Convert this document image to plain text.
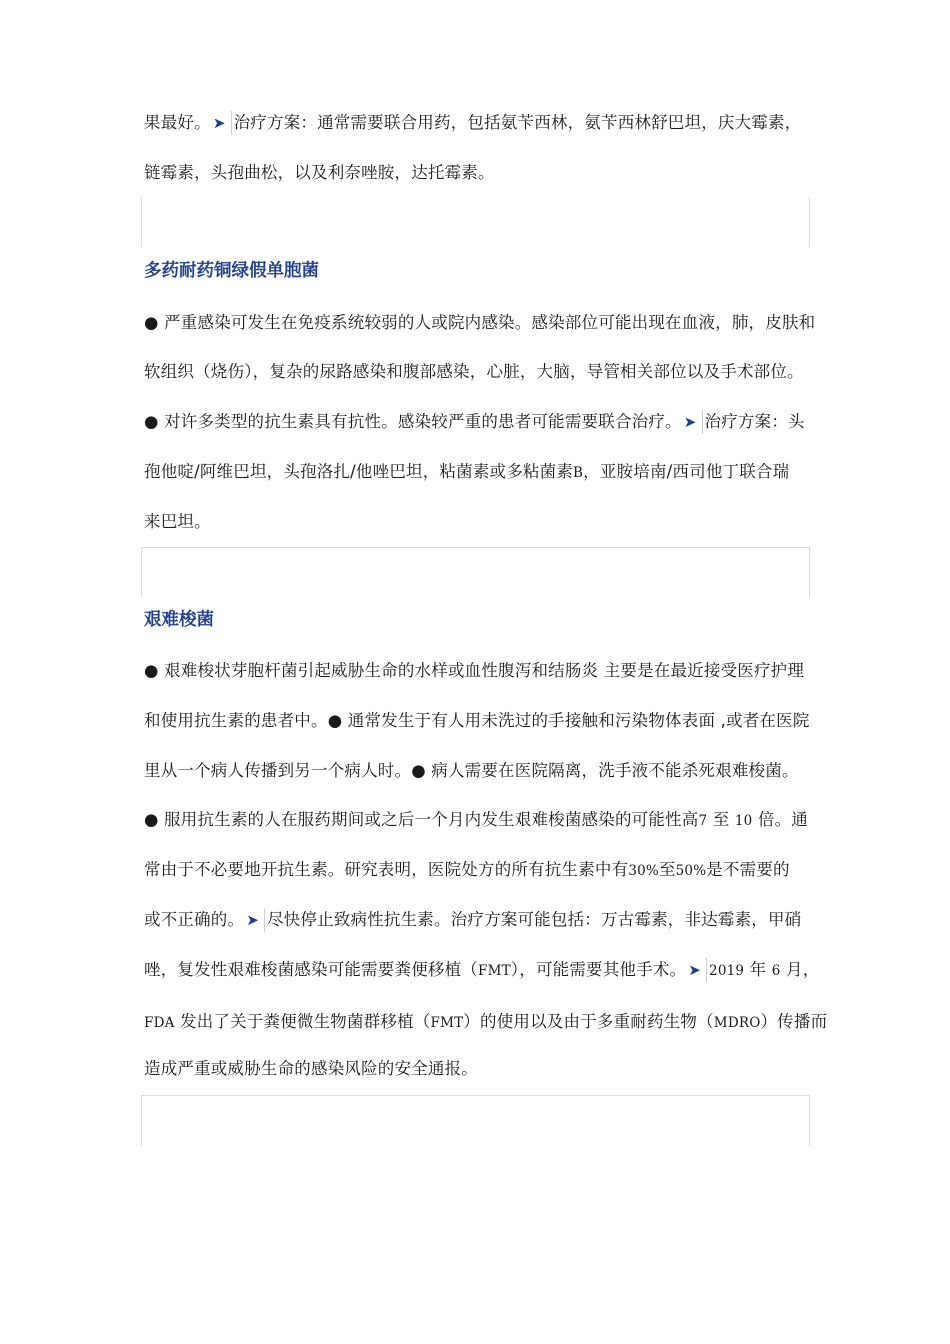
果最好。 ➤ 治疗方案：通常需要联合用药，包括氨苄西林，氨苄西林舒巴坦，庆大霉素，
链霉素，头孢曲松，以及利奈唑胺，达托霉素。
多药耐药铜绿假单胞菌
● 严重感染可发生在免疫系统较弱的人或院内感染。感染部位可能出现在血液，肺，皮肤和
软组织（烧伤），复杂的尿路感染和腹部感染，心脏，大脑，导管相关部位以及手术部位。
● 对许多类型的抗生素具有抗性。感染较严重的患者可能需要联合治疗。 ➤ 治疗方案：头
孢他啶/阿维巴坦，头孢洛扎/他唑巴坦，粘菌素或多粘菌素B，亚胺培南/西司他丁联合瑞
来巴坦。
艰难梭菌
● 艰难梭状芽胞杆菌引起威胁生命的水样或血性腹泻和结肠炎 主要是在最近接受医疗护理
和使用抗生素的患者中。● 通常发生于有人用未洗过的手接触和污染物体表面 ,或者在医院
里从一个病人传播到另一个病人时。● 病人需要在医院隔离，洗手液不能杀死艰难梭菌。
● 服用抗生素的人在服药期间或之后一个月内发生艰难梭菌感染的可能性高7 至 10 倍。通
常由于不必要地开抗生素。研究表明，医院处方的所有抗生素中有30%至50%是不需要的
或不正确的。 ➤ 尽快停止致病性抗生素。治疗方案可能包括：万古霉素，非达霉素，甲硝
唑，复发性艰难梭菌感染可能需要粪便移植（FMT），可能需要其他手术。 ➤ 2019 年 6 月，
FDA 发出了关于粪便微生物菌群移植（FMT）的使用以及由于多重耐药生物（MDRO）传播而
造成严重或威胁生命的感染风险的安全通报。
